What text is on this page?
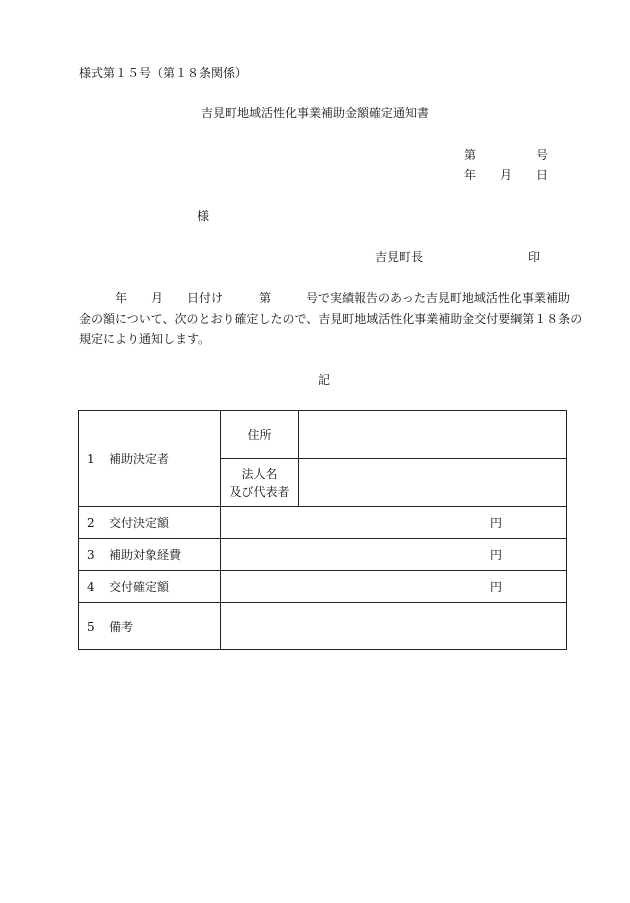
様式第１５号（第１８条関係）
吉見町地域活性化事業補助金額確定通知書
第	号
年 月 日
様
吉見町長	印
年 月 日付け	第	号で実績報告のあった吉見町地域活性化事業補助
金の額について、次のとおり確定したので、吉見町地域活性化事業補助金交付要綱第１８条の
規定により通知します。
記
1 補助決定者	住所	

	法人名
及び代表者	

2 交付決定額	円	

3 補助対象経費	円	

4 交付確定額	円	

5 備考		
